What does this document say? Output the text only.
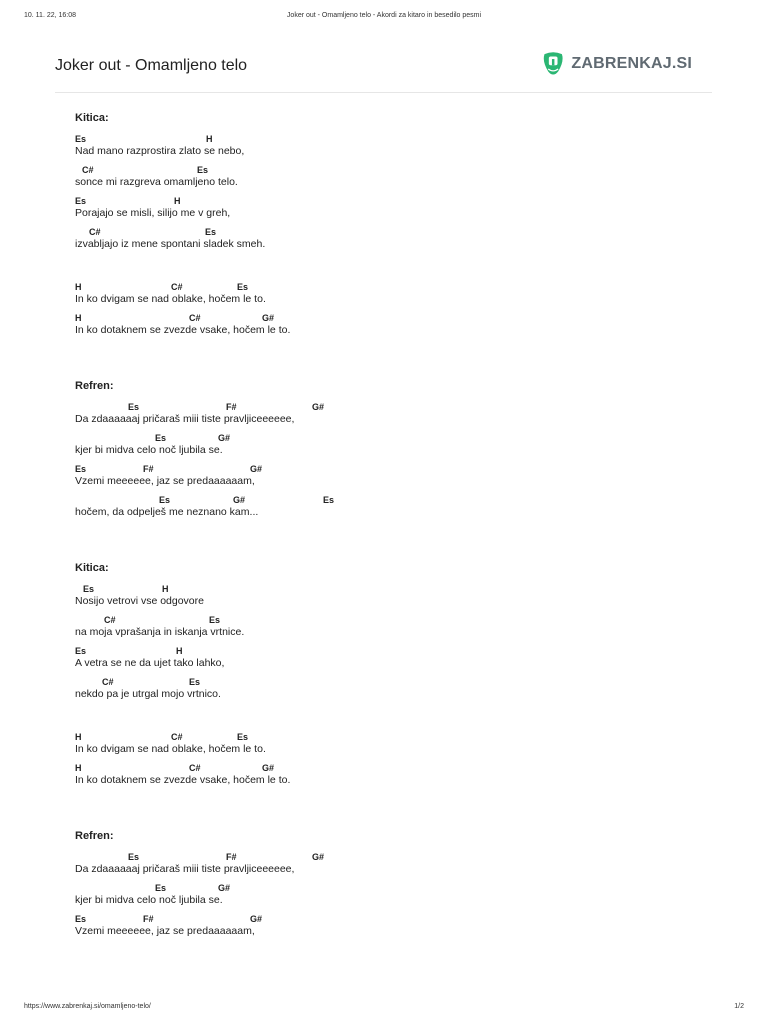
10. 11. 22, 16:08	Joker out - Omamljeno telo - Akordi za kitaro in besedilo pesmi
Joker out - Omamljeno telo	ZABRENKAJ.SI
Kitica:
Es	H
Nad mano razprostira zlato se nebo,
C#	Es
sonce mi razgreva omamljeno telo.
Es	H
Porajajo se misli, silijo me v greh,
C#	Es
izvabljajo iz mene spontani sladek smeh.
H	C#	Es
In ko dvigam se nad oblake, hočem le to.
H	C#	G#
In ko dotaknem se zvezde vsake, hočem le to.
Refren:
Es	F#	G#
Da zdaaaaaaj pričaraš miii tiste pravljiceeeeee,
Es	G#
kjer bi midva celo noč ljubila se.
Es	F#	G#
Vzemi meeeeee, jaz se predaaaaaam,
Es	G#	Es
hočem, da odpelješ me neznano kam...
Kitica:
Es	H
Nosijo vetrovi vse odgovore
C#	Es
na moja vprašanja in iskanja vrtnice.
Es	H
A vetra se ne da ujet tako lahko,
C#	Es
nekdo pa je utrgal mojo vrtnico.
H	C#	Es
In ko dvigam se nad oblake, hočem le to.
H	C#	G#
In ko dotaknem se zvezde vsake, hočem le to.
Refren:
Es	F#	G#
Da zdaaaaaaj pričaraš miii tiste pravljiceeeeee,
Es	G#
kjer bi midva celo noč ljubila se.
Es	F#	G#
Vzemi meeeeee, jaz se predaaaaaam,
https://www.zabrenkaj.si/omamljeno-telo/	1/2
